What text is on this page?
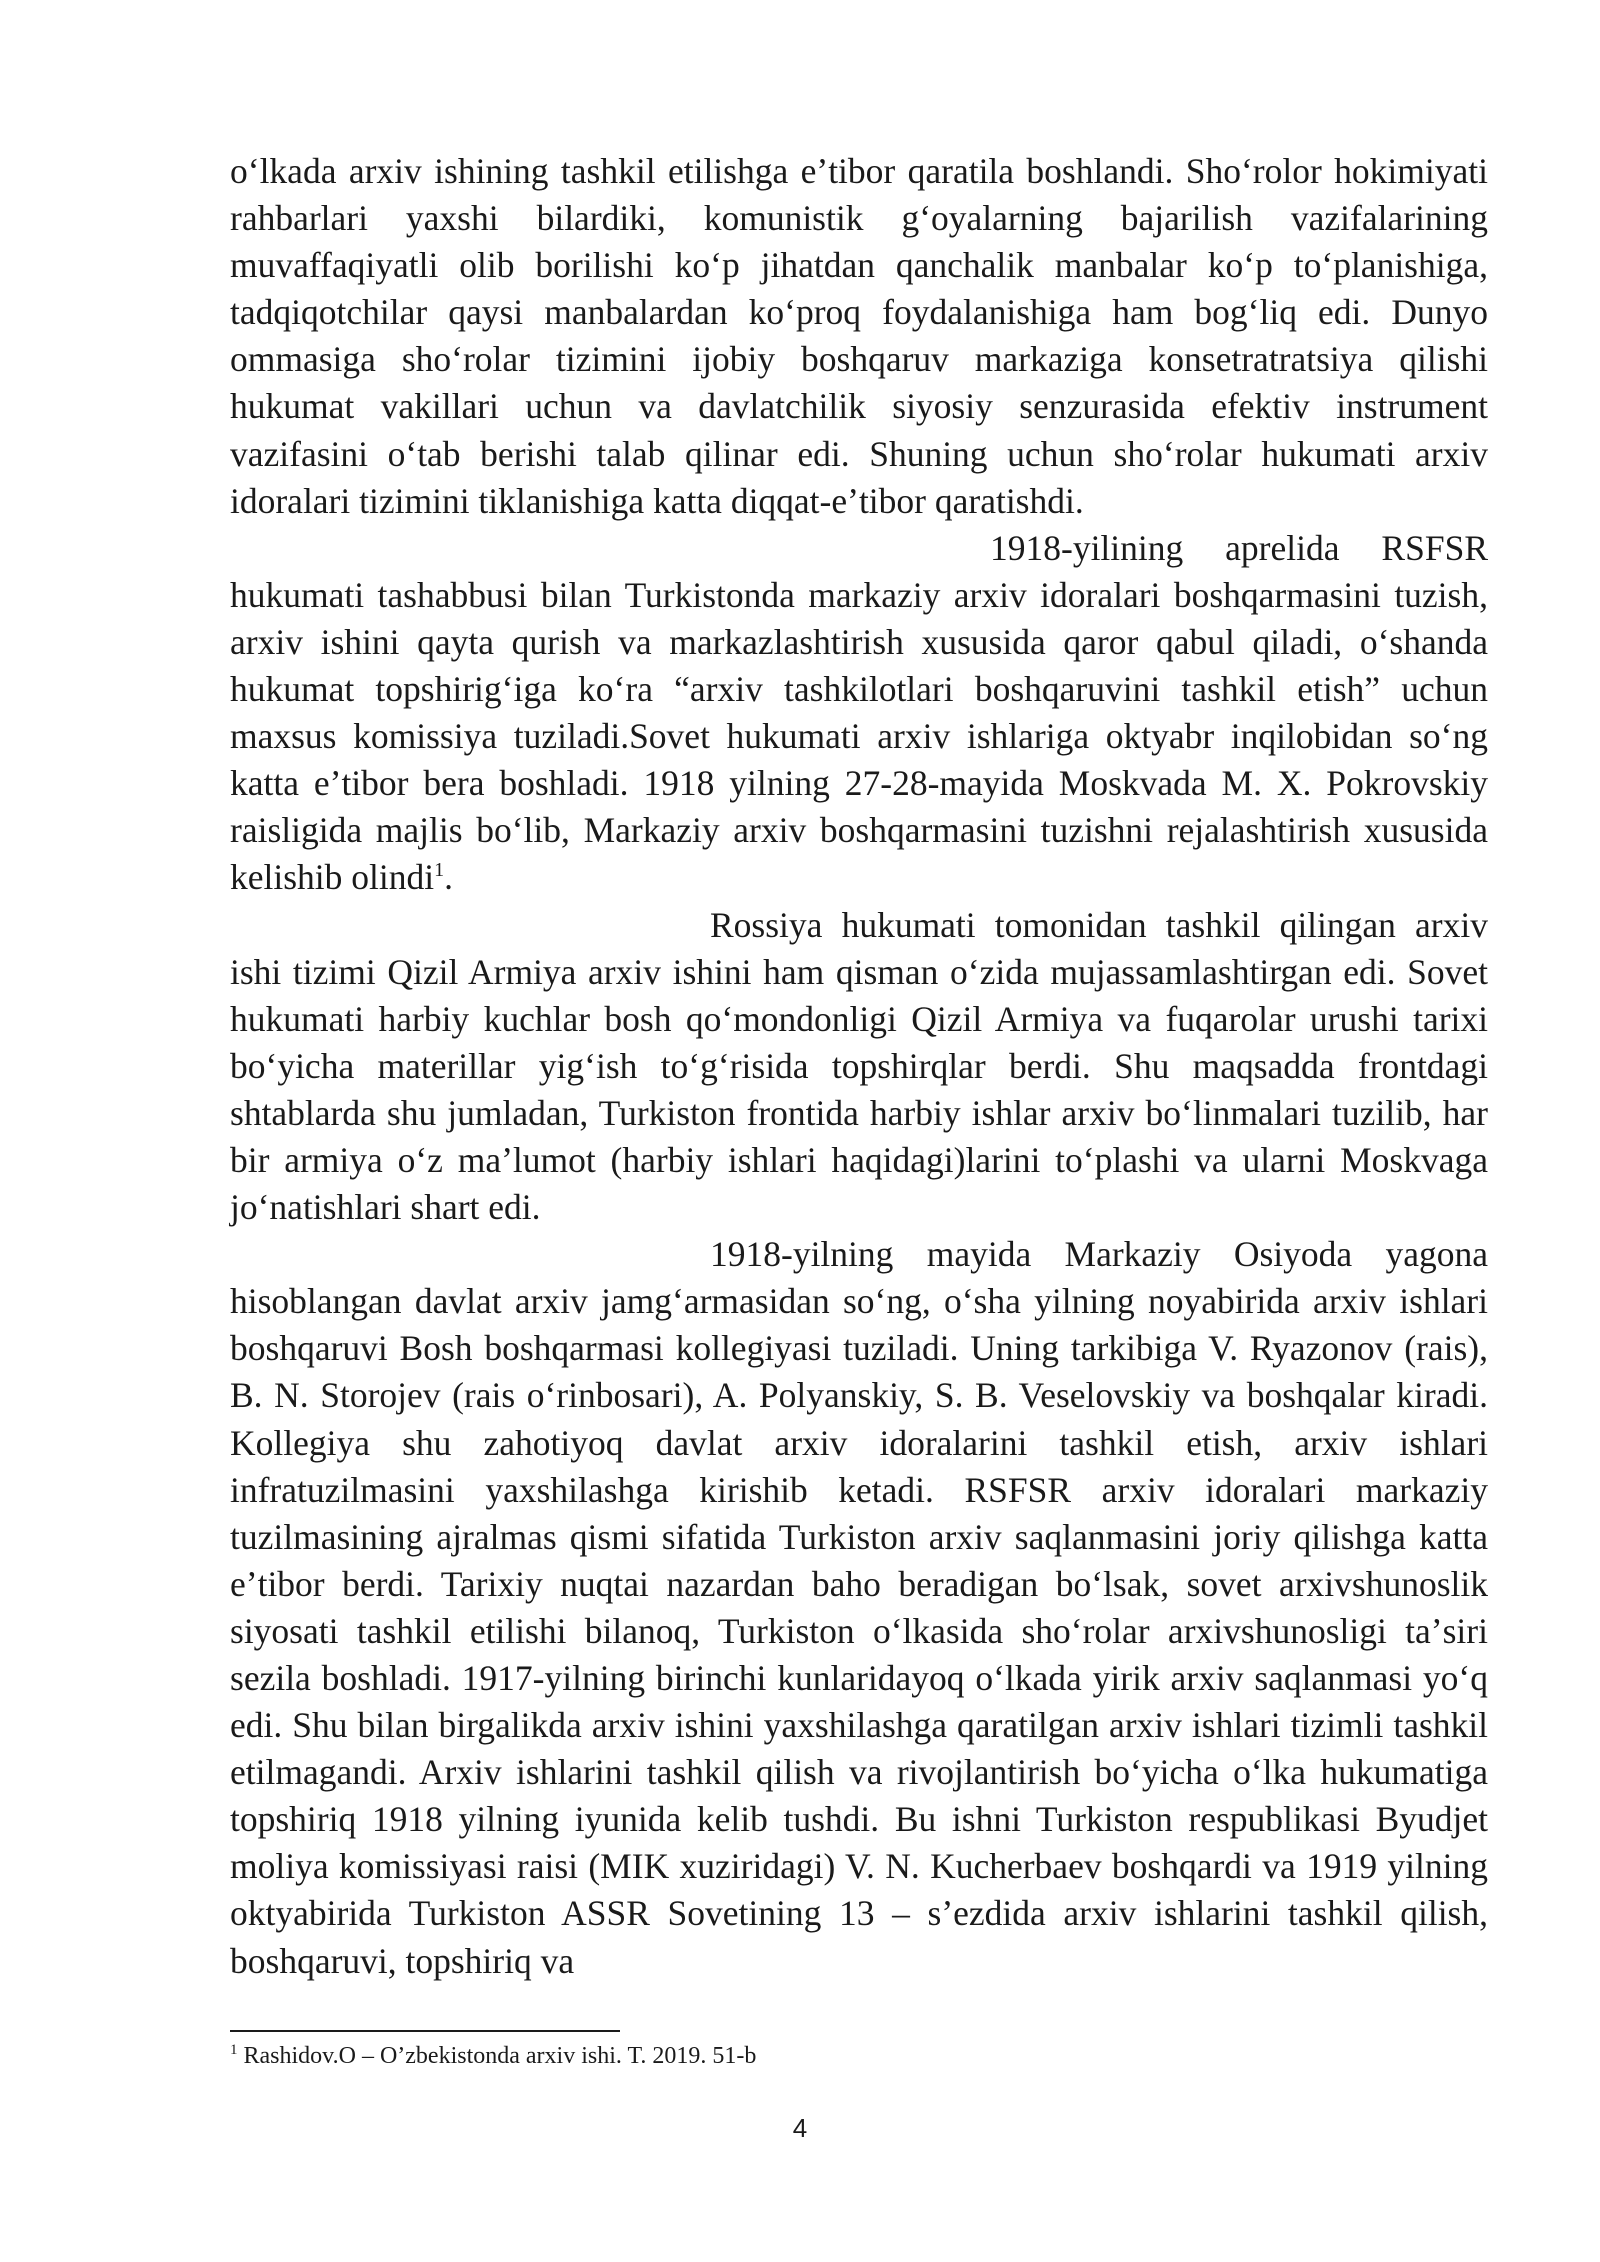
oʻlkada arxiv ishining tashkil etilishga eʼtibor qaratila boshlandi. Shoʻrolor hokimiyati rahbarlari yaxshi bilardiki, komunistik gʻoyalarning bajarilish vazifalarining muvaffaqiyatli olib borilishi koʻp jihatdan qanchalik manbalar koʻp toʻplanishiga, tadqiqotchilar qaysi manbalardan koʻproq foydalanishiga ham bogʻliq edi. Dunyo ommasiga shoʻrolar tizimini ijobiy boshqaruv markaziga konsetratratsiya qilishi hukumat vakillari uchun va davlatchilik siyosiy senzurasida efektiv instrument vazifasini oʻtab berishi talab qilinar edi. Shuning uchun shoʻrolar hukumati arxiv idoralari tizimini tiklanishiga katta diqqat-eʼtibor qaratishdi.

1918-yilining aprelida RSFSR hukumati tashabbusi bilan Turkistonda markaziy arxiv idoralari boshqarmasini tuzish, arxiv ishini qayta qurish va markazlashtirish xususida qaror qabul qiladi, oʻshanda hukumat topshirigʻiga koʻra “arxiv tashkilotlari boshqaruvini tashkil etish” uchun maxsus komissiya tuziladi.Sovet hukumati arxiv ishlariga oktyabr inqilobidan soʻng katta eʼtibor bera boshladi. 1918 yilning 27-28-mayida Moskvada M. X. Pokrovskiy raisligida majlis boʻlib, Markaziy arxiv boshqarmasini tuzishni rejalashtirish xususida kelishib olindi$^1$.

Rossiya hukumati tomonidan tashkil qilingan arxiv ishi tizimi Qizil Armiya arxiv ishini ham qisman oʻzida mujassamlashtirgan edi. Sovet hukumati harbiy kuchlar bosh qoʻmondonligi Qizil Armiya va fuqarolar urushi tarixi boʻyicha materillar yigʻish toʻgʻrisida topshirqlar berdi. Shu maqsadda frontdagi shtablarda shu jumladan, Turkiston frontida harbiy ishlar arxiv boʻlinmalari tuzilib, har bir armiya oʻz maʼlumot (harbiy ishlari haqidagi)larini toʻplashi va ularni Moskvaga joʻnatishlari shart edi.

1918-yilning mayida Markaziy Osiyoda yagona hisoblangan davlat arxiv jamgʻarmasidan soʻng, oʻsha yilning noyabirida arxiv ishlari boshqaruvi Bosh boshqarmasi kollegiyasi tuziladi. Uning tarkibiga V. Ryazonov (rais), B. N. Storojev (rais oʻrinbosari), A. Polyanskiy, S. B. Veselovskiy va boshqalar kiradi. Kollegiya shu zahotiyoq davlat arxiv idoralarini tashkil etish, arxiv ishlari infratuzilmasini yaxshilashga kirishib ketadi. RSFSR arxiv idoralari markaziy tuzilmasining ajralmas qismi sifatida Turkiston arxiv saqlanmasini joriy qilishga katta eʼtibor berdi. Tarixiy nuqtai nazardan baho beradigan boʻlsak, sovet arxivshunoslik siyosati tashkil etilishi bilanoq, Turkiston oʻlkasida shoʻrolar arxivshunosligi taʼsiri sezila boshladi. 1917-yilning birinchi kunlaridayoq oʻlkada yirik arxiv saqlanmasi yoʻq edi. Shu bilan birgalikda arxiv ishini yaxshilashga qaratilgan arxiv ishlari tizimli tashkil etilmagandi. Arxiv ishlarini tashkil qilish va rivojlantirish boʻyicha oʻlka hukumatiga topshiriq 1918 yilning iyunida kelib tushdi. Bu ishni Turkiston respublikasi Byudjet moliya komissiyasi raisi (MIK xuziridagi) V. N. Kucherbaev boshqardi va 1919 yilning oktyabirida Turkiston ASSR Sovetining 13 – sʼezdida arxiv ishlarini tashkil qilish, boshqaruvi, topshiriq va

$^1$ Rashidov.O – O’zbekistonda arxiv ishi. T. 2019. 51-b
4
